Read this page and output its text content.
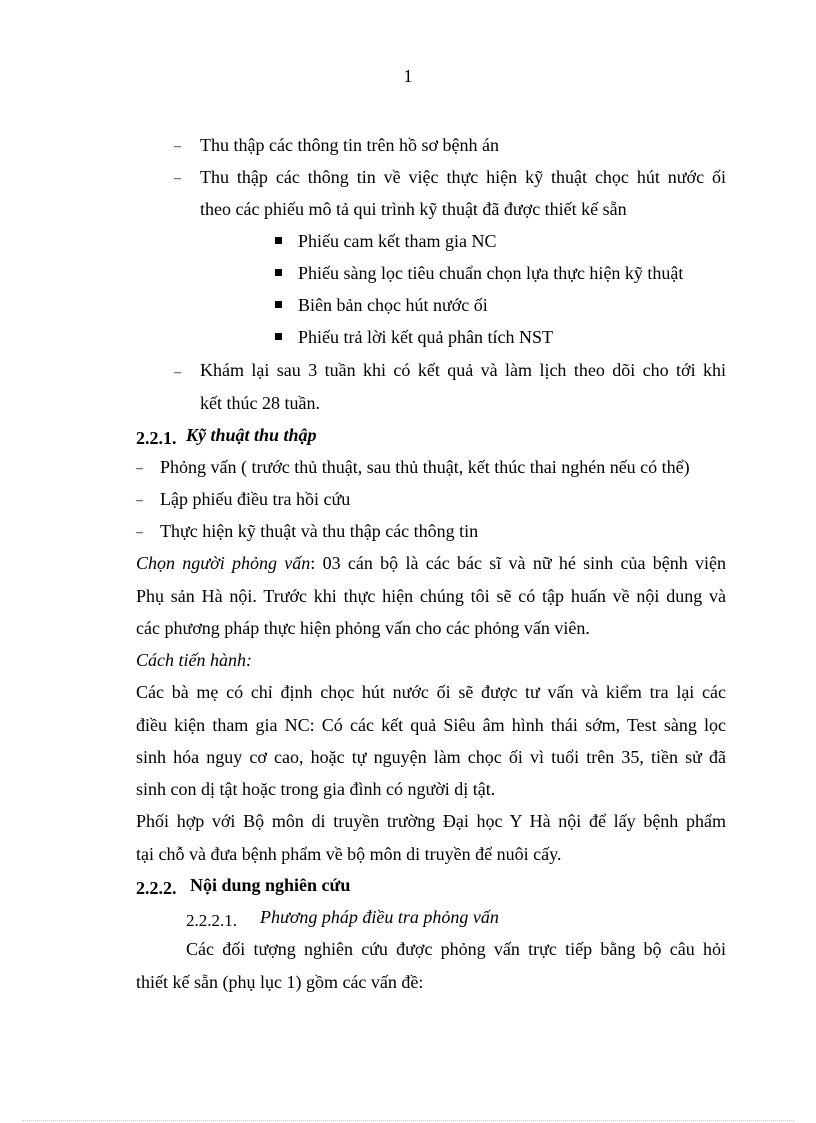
1
– Thu thập các thông tin trên hồ sơ bệnh án
– Thu thập các thông tin về việc thực hiện kỹ thuật chọc hút nước ối
theo các phiếu mô tả qui trình kỹ thuật đã được thiết kế sẵn
Phiếu cam kết tham gia NC
Phiếu sàng lọc tiêu chuẩn chọn lựa thực hiện kỹ thuật
Biên bản chọc hút nước ối
Phiếu trả lời kết quả phân tích NST
– Khám lại sau 3 tuần khi có kết quả và làm lịch theo dõi cho tới khi
kết thúc 28 tuần.
2.2.1. Kỹ thuật thu thập
– Phỏng vấn ( trước thủ thuật, sau thủ thuật, kết thúc thai nghén nếu có thể)
– Lập phiếu điều tra hồi cứu
– Thực hiện kỹ thuật và thu thập các thông tin
Chọn người phỏng vấn: 03 cán bộ là các bác sĩ và nữ hé sinh của bệnh viện
Phụ sản Hà nội. Trước khi thực hiện chúng tôi sẽ có tập huấn về nội dung và
các phương pháp thực hiện phỏng vấn cho các phỏng vấn viên.
Cách tiến hành:
Các bà mẹ có chỉ định chọc hút nước ối sẽ được tư vấn và kiểm tra lại các
điều kiện tham gia NC: Có các kết quả Siêu âm hình thái sớm, Test sàng lọc
sinh hóa nguy cơ cao, hoặc tự nguyện làm chọc ối vì tuổi trên 35, tiền sử đã
sinh con dị tật hoặc trong gia đình có người dị tật.
Phối hợp với Bộ môn di truyền trường Đại học Y Hà nội để lấy bệnh phẩm
tại chỗ và đưa bệnh phẩm về bộ môn di truyền để nuôi cấy.
2.2.2. Nội dung nghiên cứu
2.2.2.1. Phương pháp điều tra phỏng vấn
Các đối tượng nghiên cứu được phỏng vấn trực tiếp bằng bộ câu hỏi
thiết kế sẵn (phụ lục 1) gồm các vấn đề:
